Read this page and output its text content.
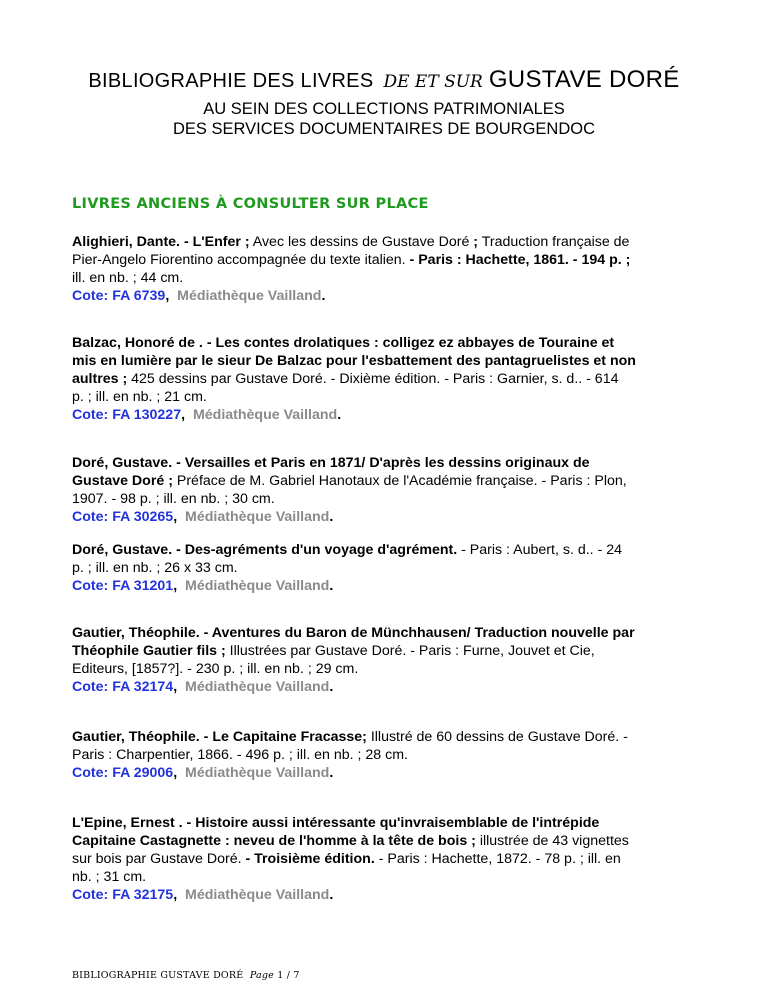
BIBLIOGRAPHIE DES LIVRES DE ET SUR GUSTAVE DORÉ
AU SEIN DES COLLECTIONS PATRIMONIALES
DES SERVICES DOCUMENTAIRES DE BOURGENDOC
LIVRES ANCIENS À CONSULTER SUR PLACE
Alighieri, Dante. - L'Enfer ; Avec les dessins de Gustave Doré ; Traduction française de
Pier-Angelo Fiorentino accompagnée du texte italien. - Paris : Hachette, 1861. - 194 p. ;
ill. en nb. ; 44 cm.
Cote: FA 6739, Médiathèque Vailland.
Balzac, Honoré de . - Les contes drolatiques : colligez ez abbayes de Touraine et
mis en lumière par le sieur De Balzac pour l'esbattement des pantagruelistes et non
aultres ; 425 dessins par Gustave Doré. - Dixième édition. - Paris : Garnier, s. d.. - 614
p. ; ill. en nb. ; 21 cm.
Cote: FA 130227, Médiathèque Vailland.
Doré, Gustave. - Versailles et Paris en 1871/ D'après les dessins originaux de
Gustave Doré ; Préface de M. Gabriel Hanotaux de l'Académie française. - Paris : Plon,
1907. - 98 p. ; ill. en nb. ; 30 cm.
Cote: FA 30265, Médiathèque Vailland.
Doré, Gustave. - Des-agréments d'un voyage d'agrément. - Paris : Aubert, s. d.. - 24
p. ; ill. en nb. ; 26 x 33 cm.
Cote: FA 31201, Médiathèque Vailland.
Gautier, Théophile. - Aventures du Baron de Münchhausen/ Traduction nouvelle par
Théophile Gautier fils ; Illustrées par Gustave Doré. - Paris : Furne, Jouvet et Cie,
Editeurs, [1857?]. - 230 p. ; ill. en nb. ; 29 cm.
Cote: FA 32174, Médiathèque Vailland.
Gautier, Théophile. - Le Capitaine Fracasse; Illustré de 60 dessins de Gustave Doré. -
Paris : Charpentier, 1866. - 496 p. ; ill. en nb. ; 28 cm.
Cote: FA 29006, Médiathèque Vailland.
L'Epine, Ernest . - Histoire aussi intéressante qu'invraisemblable de l'intrépide
Capitaine Castagnette : neveu de l'homme à la tête de bois ; illustrée de 43 vignettes
sur bois par Gustave Doré. - Troisième édition. - Paris : Hachette, 1872. - 78 p. ; ill. en
nb. ; 31 cm.
Cote: FA 32175, Médiathèque Vailland.
BIBLIOGRAPHIE GUSTAVE DORÉ Page 1 / 7
